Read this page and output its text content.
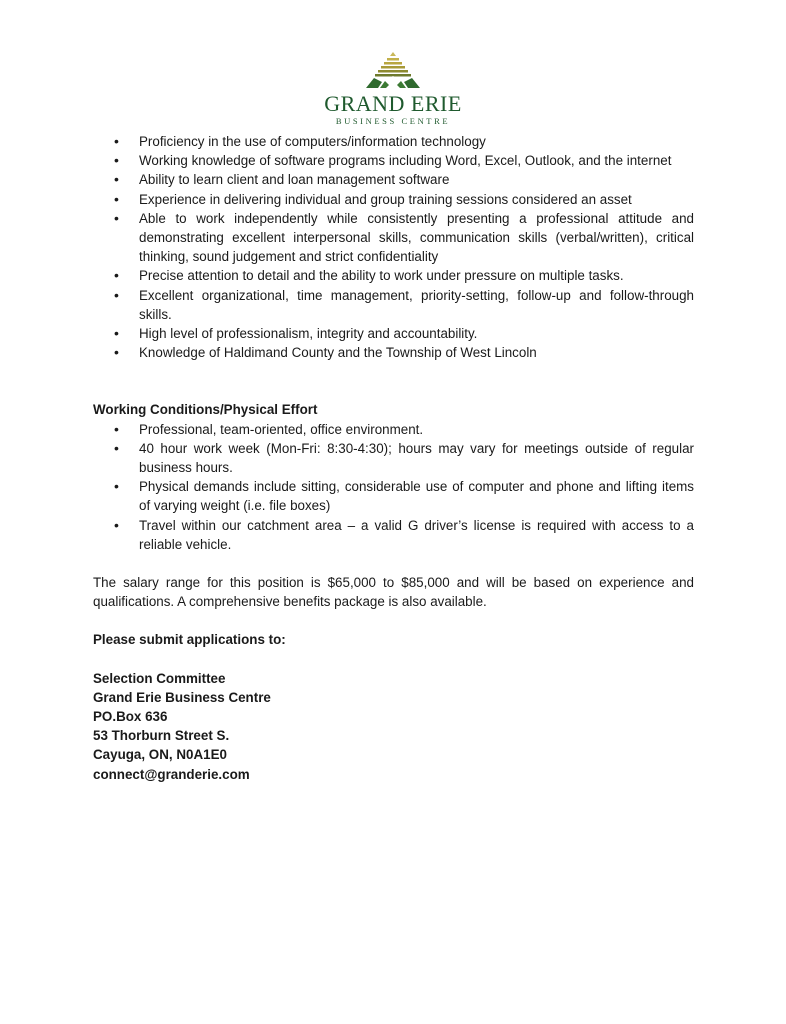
GRAND ERIE
BUSINESS CENTRE
• Proficiency in the use of computers/information technology
• Working knowledge of software programs including Word, Excel, Outlook, and the internet
• Ability to learn client and loan management software
• Experience in delivering individual and group training sessions considered an asset
• Able to work independently while consistently presenting a professional attitude and demonstrating excellent interpersonal skills, communication skills (verbal/written), critical thinking, sound judgement and strict confidentiality
• Precise attention to detail and the ability to work under pressure on multiple tasks.
• Excellent organizational, time management, priority-setting, follow-up and follow-through skills.
• High level of professionalism, integrity and accountability.
• Knowledge of Haldimand County and the Township of West Lincoln
Working Conditions/Physical Effort
• Professional, team-oriented, office environment.
• 40 hour work week (Mon-Fri: 8:30-4:30); hours may vary for meetings outside of regular business hours.
• Physical demands include sitting, considerable use of computer and phone and lifting items of varying weight (i.e. file boxes)
• Travel within our catchment area – a valid G driver’s license is required with access to a reliable vehicle.
The salary range for this position is $65,000 to $85,000 and will be based on experience and qualifications. A comprehensive benefits package is also available.
Please submit applications to:
Selection Committee
Grand Erie Business Centre
PO.Box 636
53 Thorburn Street S.
Cayuga, ON, N0A1E0
connect@granderie.com
